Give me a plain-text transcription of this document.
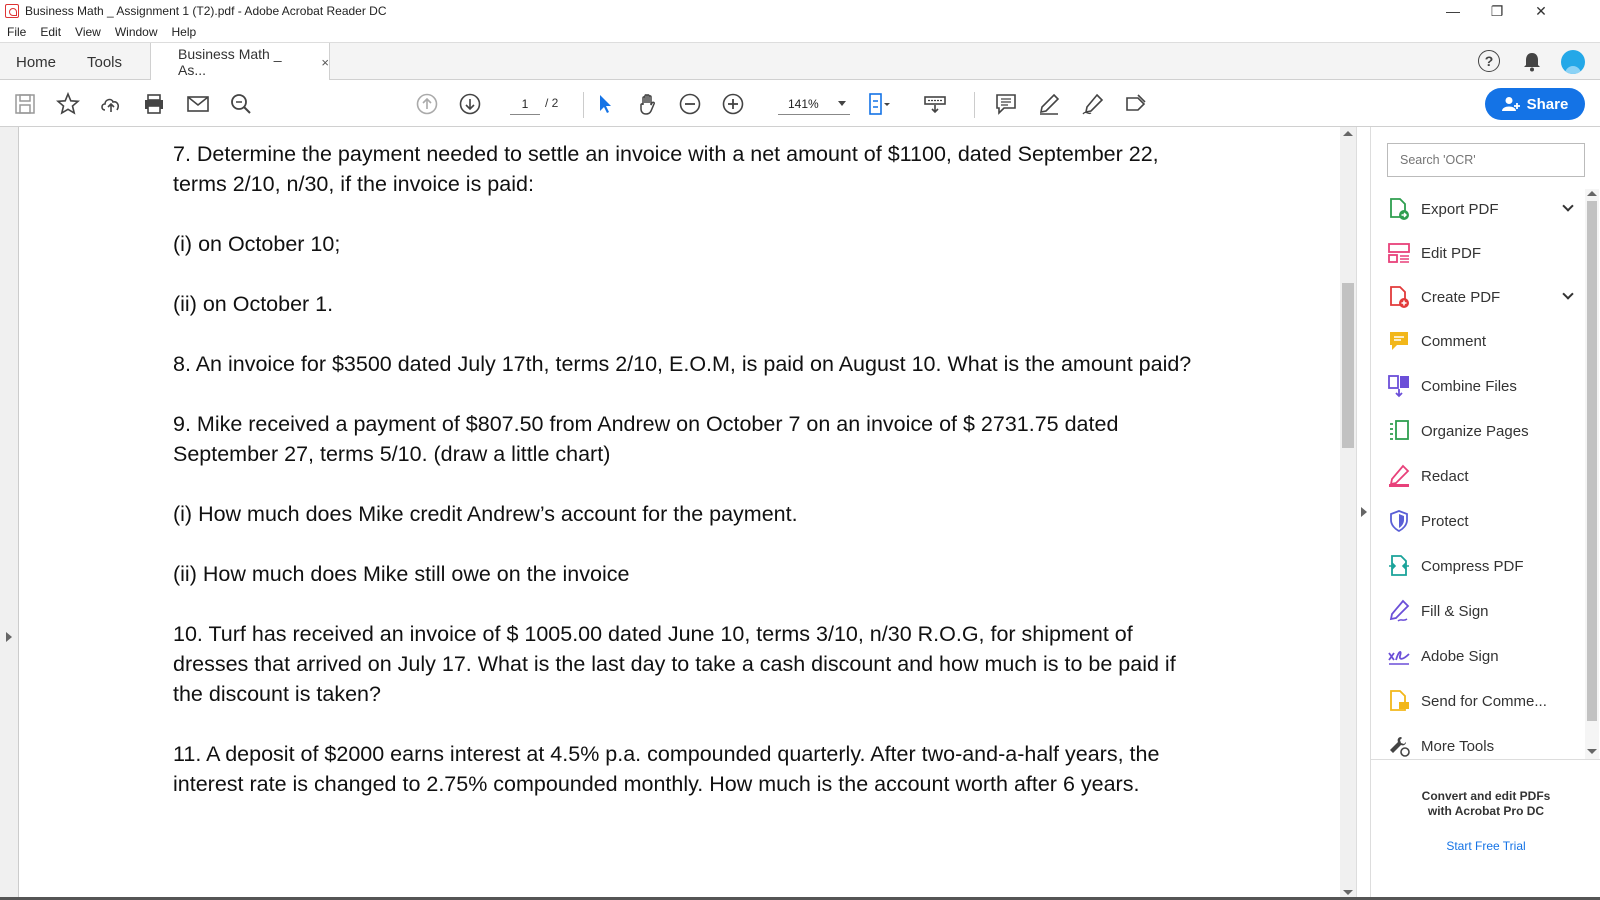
Business Math _ Assignment 1 (T2).pdf - Adobe Acrobat Reader DC	—	❐	✕
File Edit View Window Help
Home Tools	Business Math _ As...	×	?
1	/ 2	141%	Share

7. Determine the payment needed to settle an invoice with a net amount of $1100, dated September 22, terms 2/10, n/30, if the invoice is paid:

(i) on October 10;

(ii) on October 1.

8. An invoice for $3500 dated July 17th, terms 2/10, E.O.M, is paid on August 10. What is the amount paid?

9. Mike received a payment of $807.50 from Andrew on October 7 on an invoice of $ 2731.75 dated September 27, terms 5/10. (draw a little chart)

(i) How much does Mike credit Andrew’s account for the payment.

(ii) How much does Mike still owe on the invoice

10. Turf has received an invoice of $ 1005.00 dated June 10, terms 3/10, n/30 R.O.G, for shipment of dresses that arrived on July 17. What is the last day to take a cash discount and how much is to be paid if the discount is taken?

11. A deposit of $2000 earns interest at 4.5% p.a. compounded quarterly. After two-and-a-half years, the interest rate is changed to 2.75% compounded monthly. How much is the account worth after 6 years.

Search 'OCR'
Export PDF
Edit PDF
Create PDF
Comment
Combine Files
Organize Pages
Redact
Protect
Compress PDF
Fill & Sign
Adobe Sign
Send for Comme...
More Tools
Convert and edit PDFs
with Acrobat Pro DC
Start Free Trial
